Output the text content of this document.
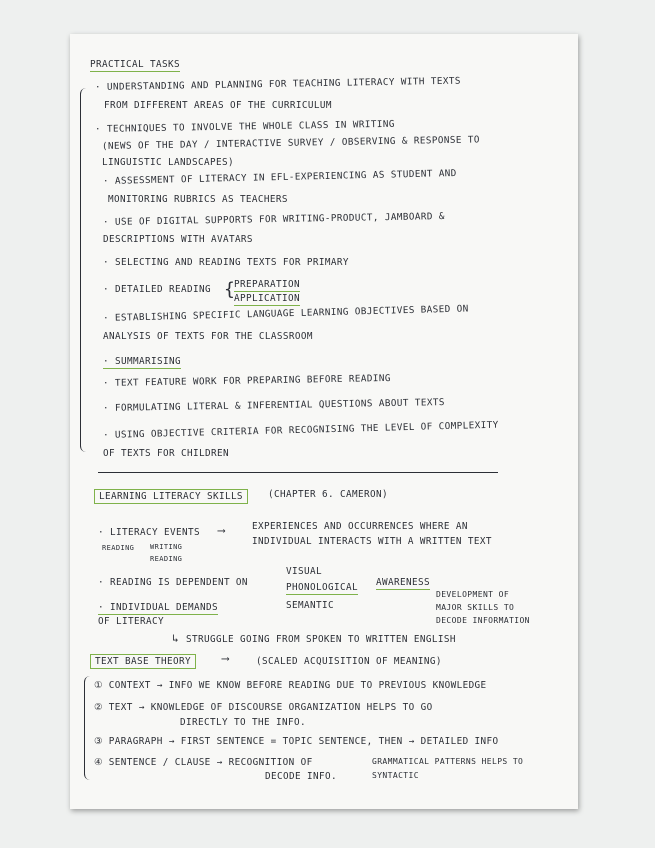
PRACTICAL TASKS
· UNDERSTANDING AND PLANNING FOR TEACHING LITERACY WITH TEXTS
FROM DIFFERENT AREAS OF THE CURRICULUM
· TECHNIQUES TO INVOLVE THE WHOLE CLASS IN WRITING
(NEWS OF THE DAY / INTERACTIVE SURVEY / OBSERVING & RESPONSE TO
LINGUISTIC LANDSCAPES)
· ASSESSMENT OF LITERACY IN EFL-EXPERIENCING AS STUDENT AND
MONITORING RUBRICS AS TEACHERS
· USE OF DIGITAL SUPPORTS FOR WRITING-PRODUCT, JAMBOARD &
DESCRIPTIONS WITH AVATARS
· SELECTING AND READING TEXTS FOR PRIMARY
· DETAILED READING {
PREPARATION
APPLICATION
· ESTABLISHING SPECIFIC LANGUAGE LEARNING OBJECTIVES BASED ON
ANALYSIS OF TEXTS FOR THE CLASSROOM
· SUMMARISING
· TEXT FEATURE WORK FOR PREPARING BEFORE READING
· FORMULATING LITERAL & INFERENTIAL QUESTIONS ABOUT TEXTS
· USING OBJECTIVE CRITERIA FOR RECOGNISING THE LEVEL OF COMPLEXITY
OF TEXTS FOR CHILDREN
LEARNING LITERACY SKILLS	(CHAPTER 6. CAMERON)
· LITERACY EVENTS ⟶	EXPERIENCES AND OCCURRENCES WHERE AN
INDIVIDUAL INTERACTS WITH A WRITTEN TEXT
READING WRITING
READING
· READING IS DEPENDENT ON
VISUAL
PHONOLOGICAL AWARENESS
SEMANTIC
DEVELOPMENT OF
MAJOR SKILLS TO
DECODE INFORMATION
· INDIVIDUAL DEMANDS
OF LITERACY
↳ STRUGGLE GOING FROM SPOKEN TO WRITTEN ENGLISH
TEXT BASE THEORY	⟶	(SCALED ACQUISITION OF MEANING)
① CONTEXT → INFO WE KNOW BEFORE READING DUE TO PREVIOUS KNOWLEDGE
② TEXT → KNOWLEDGE OF DISCOURSE ORGANIZATION HELPS TO GO
DIRECTLY TO THE INFO.
③ PARAGRAPH → FIRST SENTENCE = TOPIC SENTENCE, THEN → DETAILED INFO
④ SENTENCE / CLAUSE → RECOGNITION OF
DECODE INFO.
GRAMMATICAL PATTERNS HELPS TO
SYNTACTIC
